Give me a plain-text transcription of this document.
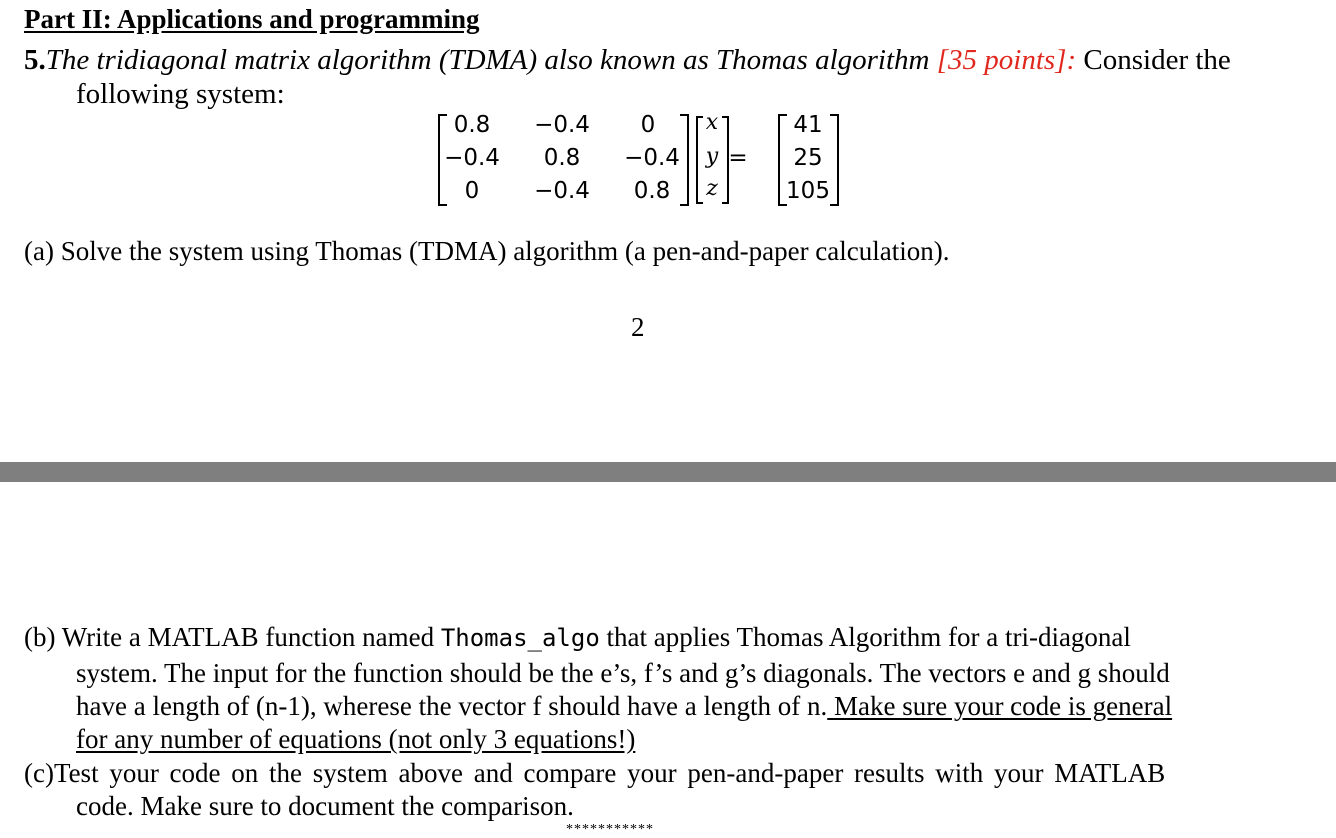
Part II: Applications and programming
5.The tridiagonal matrix algorithm (TDMA) also known as Thomas algorithm [35 points]: Consider the
following system:
0.8	−0.4	0
−0.4	0.8	−0.4
0	−0.4	0.8
x
y
z
=
41
25
105
(a) Solve the system using Thomas (TDMA) algorithm (a pen-and-paper calculation).
2
(b) Write a MATLAB function named Thomas_algo that applies Thomas Algorithm for a tri-diagonal
system. The input for the function should be the e’s, f’s and g’s diagonals. The vectors e and g should
have a length of (n-1), wherese the vector f should have a length of n. Make sure your code is general
for any number of equations (not only 3 equations!)
(c)Test your code on the system above and compare your pen-and-paper results with your MATLAB
code. Make sure to document the comparison.
***********
